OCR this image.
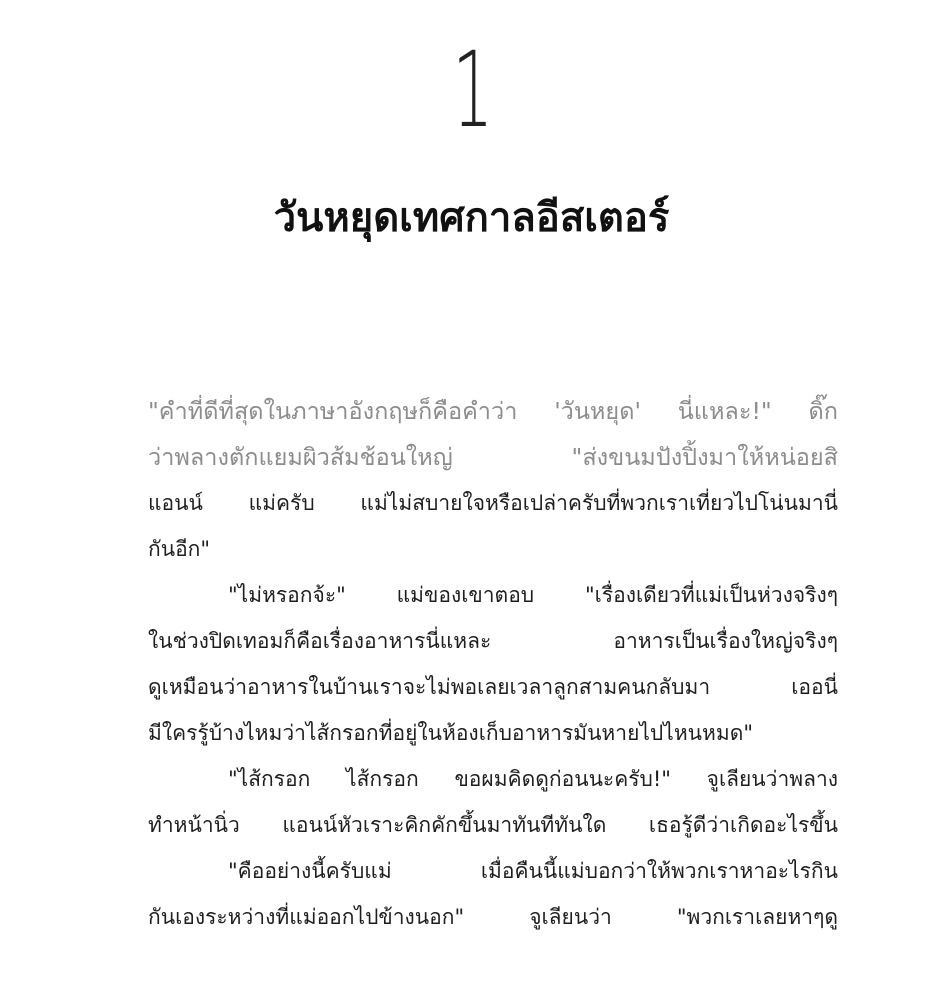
1
วันหยุดเทศกาลอีสเตอร์
"คำที่ดีที่สุดในภาษาอังกฤษก็คือคำว่า 'วันหยุด' นี่แหละ!" ดิ๊ก
ว่าพลางตักแยมผิวส้มช้อนใหญ่ "ส่งขนมปังปิ้งมาให้หน่อยสิ
แอนน์ แม่ครับ แม่ไม่สบายใจหรือเปล่าครับที่พวกเราเที่ยวไปโน่นมานี่
กันอีก"
"ไม่หรอกจ้ะ" แม่ของเขาตอบ "เรื่องเดียวที่แม่เป็นห่วงจริงๆ
ในช่วงปิดเทอมก็คือเรื่องอาหารนี่แหละ อาหารเป็นเรื่องใหญ่จริงๆ
ดูเหมือนว่าอาหารในบ้านเราจะไม่พอเลยเวลาลูกสามคนกลับมา เออนี่
มีใครรู้บ้างไหมว่าไส้กรอกที่อยู่ในห้องเก็บอาหารมันหายไปไหนหมด"
"ไส้กรอก ไส้กรอก ขอผมคิดดูก่อนนะครับ!" จูเลียนว่าพลาง
ทำหน้านิ่ว แอนน์หัวเราะคิกคักขึ้นมาทันทีทันใด เธอรู้ดีว่าเกิดอะไรขึ้น
"คืออย่างนี้ครับแม่ เมื่อคืนนี้แม่บอกว่าให้พวกเราหาอะไรกิน
กันเองระหว่างที่แม่ออกไปข้างนอก" จูเลียนว่า "พวกเราเลยหาๆดู
